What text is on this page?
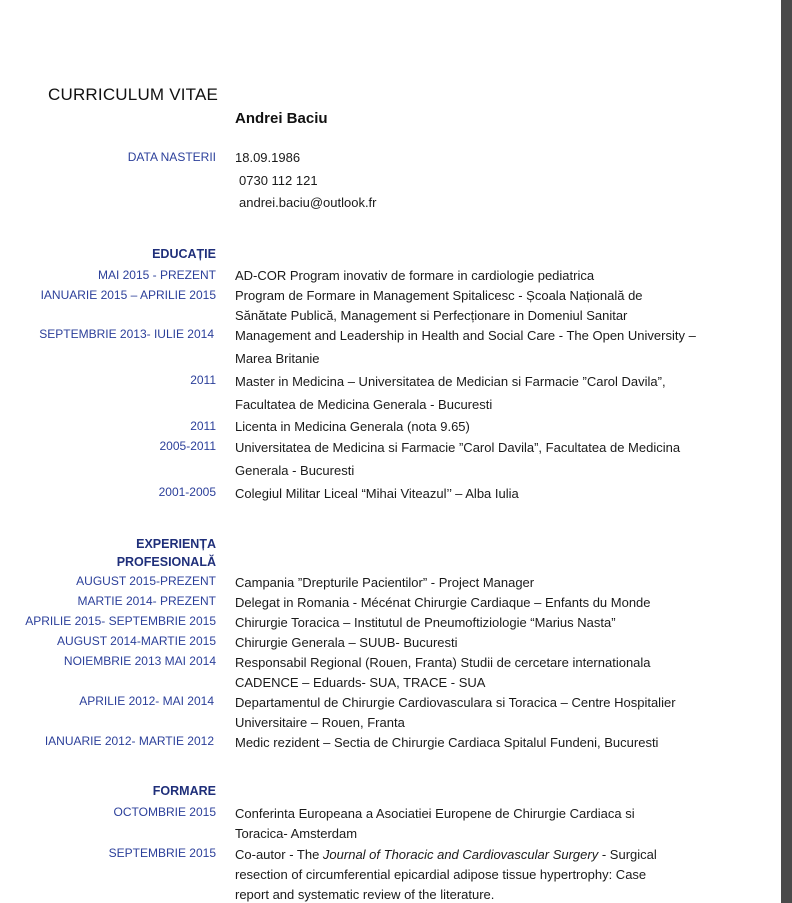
CURRICULUM VITAE
Andrei Baciu
DATA NASTERII 18.09.1986
0730 112 121
andrei.baciu@outlook.fr
EDUCAȚIE
MAI 2015 - PREZENT AD-COR Program inovativ de formare in cardiologie pediatrica
IANUARIE 2015 – APRILIE 2015 Program de Formare in Management Spitalicesc - Școala Națională de
Sănătate Publică, Management si Perfecționare in Domeniul Sanitar
SEPTEMBRIE 2013- IULIE 2014 Management and Leadership in Health and Social Care - The Open University –
Marea Britanie
2011 Master in Medicina – Universitatea de Medician si Farmacie ”Carol Davila”,
Facultatea de Medicina Generala - Bucuresti
2011 Licenta in Medicina Generala (nota 9.65)
2005-2011 Universitatea de Medicina si Farmacie ”Carol Davila”, Facultatea de Medicina
Generala - Bucuresti
2001-2005 Colegiul Militar Liceal “Mihai Viteazul’’ – Alba Iulia
EXPERIENȚA
PROFESIONALĂ
AUGUST 2015-PREZENT Campania ”Drepturile Pacientilor” - Project Manager
MARTIE 2014- PREZENT Delegat in Romania - Mécénat Chirurgie Cardiaque – Enfants du Monde
APRILIE 2015- SEPTEMBRIE 2015 Chirurgie Toracica – Institutul de Pneumoftiziologie “Marius Nasta”
AUGUST 2014-MARTIE 2015 Chirurgie Generala – SUUB- Bucuresti
NOIEMBRIE 2013 MAI 2014 Responsabil Regional (Rouen, Franta) Studii de cercetare internationala
CADENCE – Eduards- SUA, TRACE - SUA
APRILIE 2012- MAI 2014 Departamentul de Chirurgie Cardiovasculara si Toracica – Centre Hospitalier
Universitaire – Rouen, Franta
IANUARIE 2012- MARTIE 2012 Medic rezident – Sectia de Chirurgie Cardiaca Spitalul Fundeni, Bucuresti
FORMARE
OCTOMBRIE 2015 Conferinta Europeana a Asociatiei Europene de Chirurgie Cardiaca si
Toracica- Amsterdam
SEPTEMBRIE 2015 Co-autor - The Journal of Thoracic and Cardiovascular Surgery - Surgical
resection of circumferential epicardial adipose tissue hypertrophy: Case
report and systematic review of the literature.
